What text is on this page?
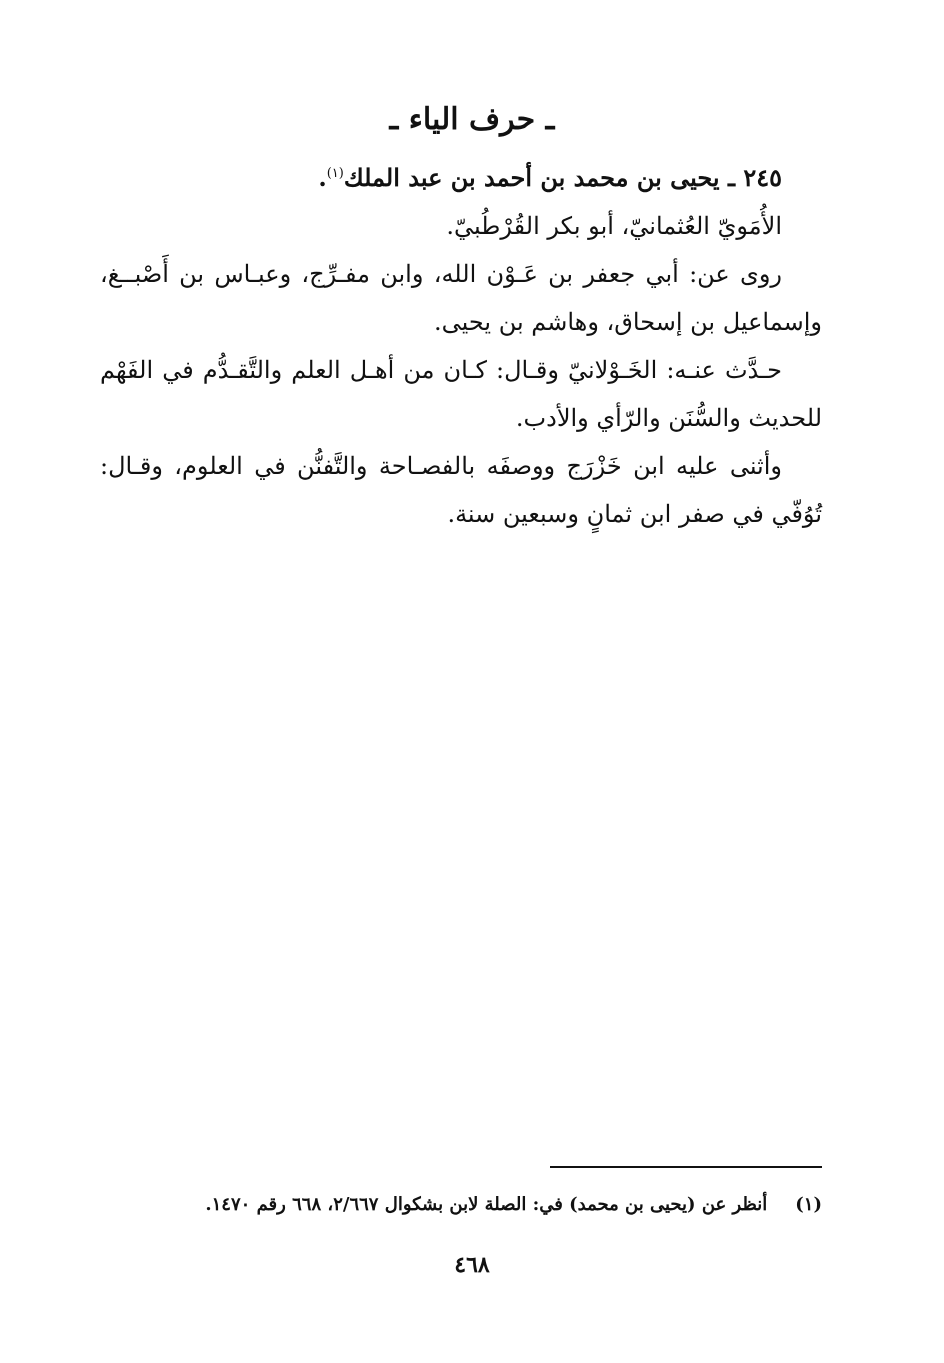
ـ حرف الياء ـ

٢٤٥ ـ يحيى بن محمد بن أحمد بن عبد الملك$^{(١)}$.

الأُمَويّ العُثمانيّ، أبو بكر القُرْطُبيّ.

روى عن: أبي جعفر بن عَـوْن الله، وابن مفـرِّج، وعبـاس بن أَصْبــغ، وإسماعيل بن إسحاق، وهاشم بن يحيى.

حـدَّث عنـه: الخَـوْلانيّ وقـال: كـان من أهـل العلم والتَّقـدُّم في الفَهْم للحديث والسُّنَن والرّأي والأدب.

وأثنى عليه ابن خَزْرَج ووصفَه بالفصـاحة والتَّفنُّن في العلوم، وقـال: تُوُفّي في صفر ابن ثمانٍ وسبعين سنة.

(١)أنظر عن (يحيى بن محمد) في: الصلة لابن بشكوال ٢/٦٦٧، ٦٦٨ رقم ١٤٧٠.
٤٦٨
